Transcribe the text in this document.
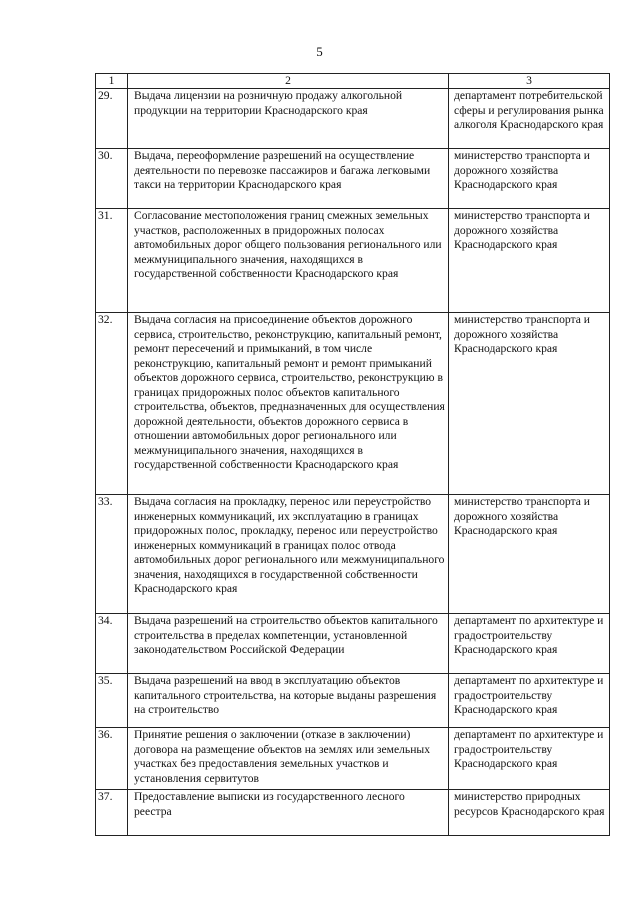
5
1	2	3
29.	Выдача лицензии на розничную продажу алкогольной продукции на территории Краснодарского края	департамент потребительской сферы и регулирования рынка алкоголя Краснодарского края
30.	Выдача, переоформление разрешений на осуществление деятельности по перевозке пассажиров и багажа легковыми такси на территории Краснодарского края	министерство транспорта и дорожного хозяйства Краснодарского края
31.	Согласование местоположения границ смежных земельных участков, расположенных в придорожных полосах автомобильных дорог общего пользования регионального или межмуниципального значения, находящихся в государственной собственности Краснодарского края	министерство транспорта и дорожного хозяйства Краснодарского края
32.	Выдача согласия на присоединение объектов дорожного сервиса, строительство, реконструкцию, капитальный ремонт, ремонт пересечений и примыканий, в том числе реконструкцию, капитальный ремонт и ремонт примыканий объектов дорожного сервиса, строительство, реконструкцию в границах придорожных полос объектов капитального строительства, объектов, предназначенных для осуществления дорожной деятельности, объектов дорожного сервиса в отношении автомобильных дорог регионального или межмуниципального значения, находящихся в государственной собственности Краснодарского края	министерство транспорта и дорожного хозяйства Краснодарского края
33.	Выдача согласия на прокладку, перенос или переустройство инженерных коммуникаций, их эксплуатацию в границах придорожных полос, прокладку, перенос или переустройство инженерных коммуникаций в границах полос отвода автомобильных дорог регионального или межмуниципального значения, находящихся в государственной собственности Краснодарского края	министерство транспорта и дорожного хозяйства Краснодарского края
34.	Выдача разрешений на строительство объектов капитального строительства в пределах компетенции, установленной законодательством Российской Федерации	департамент по архитектуре и градостроительству Краснодарского края
35.	Выдача разрешений на ввод в эксплуатацию объектов капитального строительства, на которые выданы разрешения на строительство	департамент по архитектуре и градостроительству Краснодарского края
36.	Принятие решения о заключении (отказе в заключении) договора на размещение объектов на землях или земельных участках без предоставления земельных участков и установления сервитутов	департамент по архитектуре и градостроительству Краснодарского края
37.	Предоставление выписки из государственного лесного реестра	министерство природных ресурсов Краснодарского края
